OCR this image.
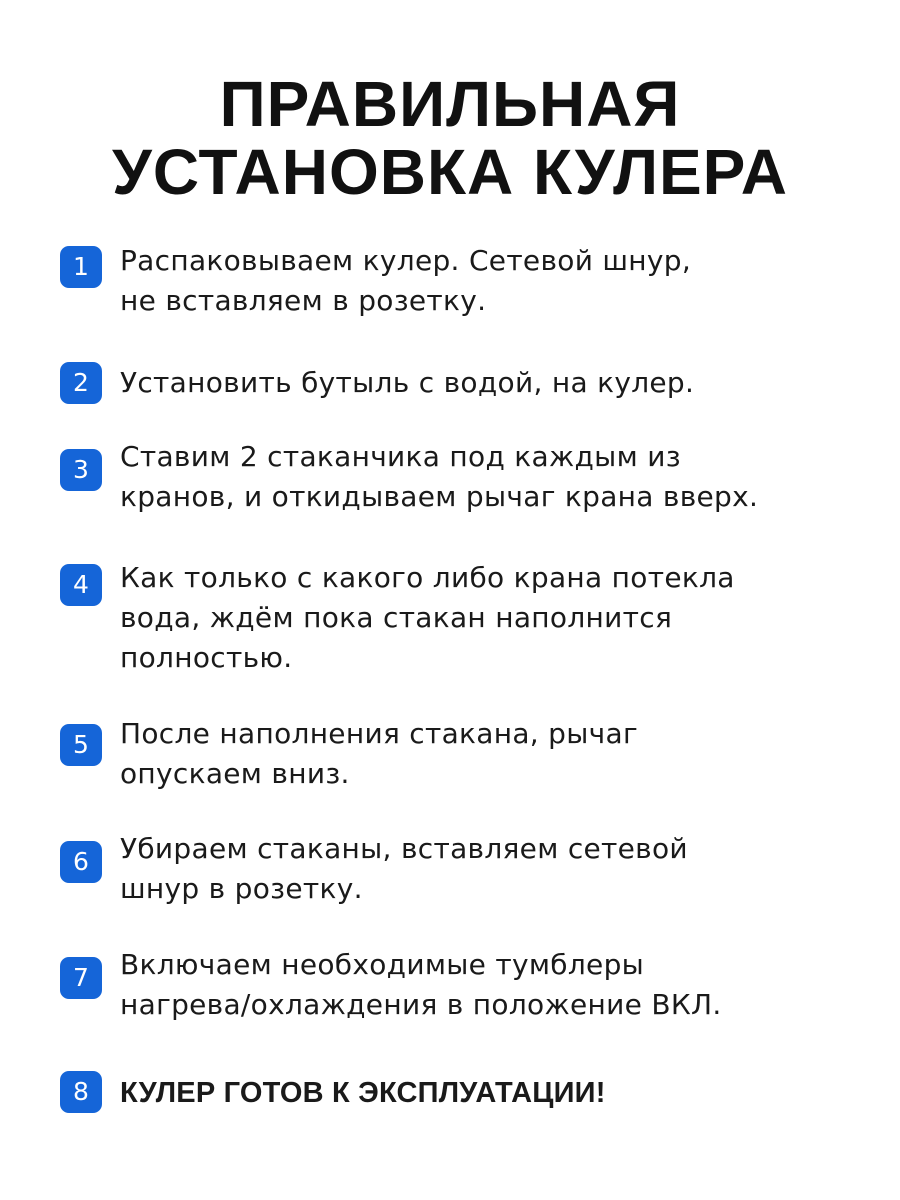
ПРАВИЛЬНАЯ
УСТАНОВКА КУЛЕРА
1	Распаковываем кулер. Сетевой шнур,
не вставляем в розетку.
2	Установить бутыль с водой, на кулер.
3	Ставим 2 стаканчика под каждым из
кранов, и откидываем рычаг крана вверх.
4	Как только с какого либо крана потекла
вода, ждём пока стакан наполнится
полностью.
5	После наполнения стакана, рычаг
опускаем вниз.
6	Убираем стаканы, вставляем сетевой
шнур в розетку.
7	Включаем необходимые тумблеры
нагрева/охлаждения в положение ВКЛ.
8	КУЛЕР ГОТОВ К ЭКСПЛУАТАЦИИ!
